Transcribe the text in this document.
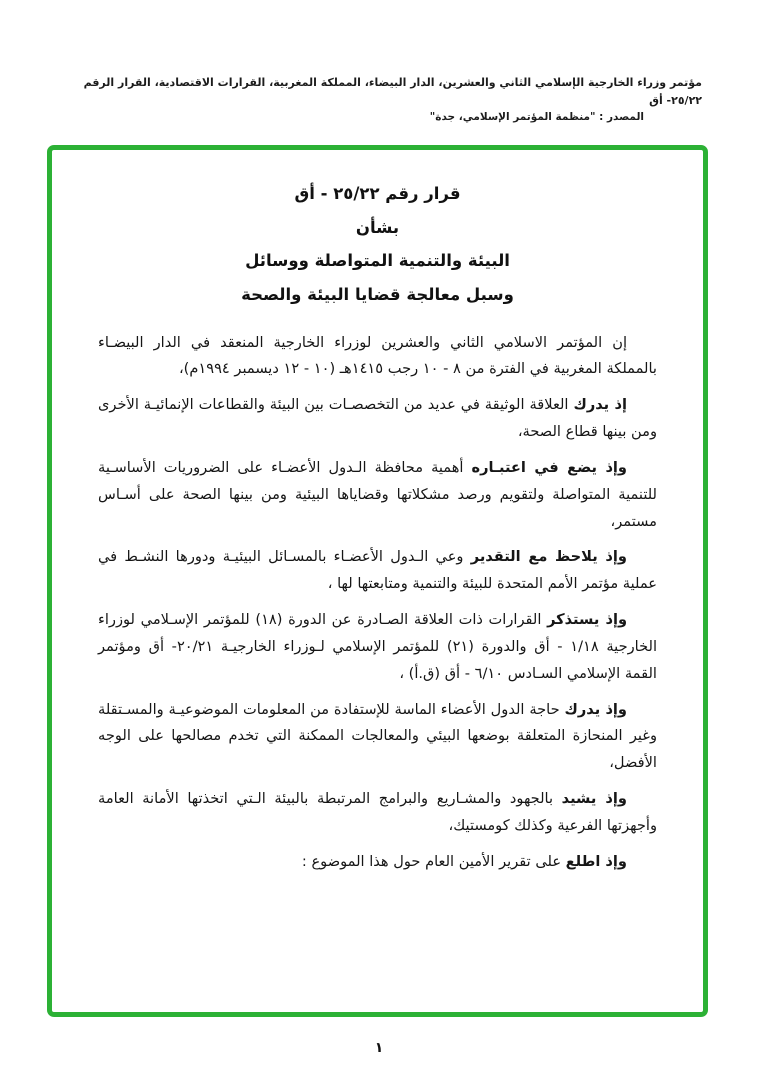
مؤتمر وزراء الخارجية الإسلامي الثاني والعشرين، الدار البيضاء، المملكة المغربية، القرارات الاقتصادية، القرار الرقم ٢٥/٢٢- أق
المصدر : "منظمة المؤتمر الإسلامي، جدة"
قرار رقم ٢٥/٢٢ - أق
بشأن
البيئة والتنمية المتواصلة ووسائل
وسبل معالجة قضايا البيئة والصحة

إن المؤتمر الاسلامي الثاني والعشرين لوزراء الخارجية المنعقد في الدار البيضـاء بالمملكة المغربية في الفترة من ٨ - ١٠ رجب ١٤١٥هـ (١٠ - ١٢ ديسمبر ١٩٩٤م)،

إذ يدرك العلاقة الوثيقة في عديد من التخصصـات بين البيئة والقطاعات الإنمائيـة الأخرى ومن بينها قطاع الصحة،

وإذ يضع في اعتبـاره أهمية محافظة الـدول الأعضـاء على الضروريات الأساسـية للتنمية المتواصلة ولتقويم ورصد مشكلاتها وقضاياها البيئية ومن بينها الصحة على أسـاس مستمر،

وإذ يلاحظ مع التقدير وعي الـدول الأعضـاء بالمسـائل البيئيـة ودورها النشـط في عملية مؤتمر الأمم المتحدة للبيئة والتنمية ومتابعتها لها ،

وإذ يستذكر القرارات ذات العلاقة الصـادرة عن الدورة (١٨) للمؤتمر الإسـلامي لوزراء الخارجية ١/١٨ - أق والدورة (٢١) للمؤتمر الإسلامي لـوزراء الخارجيـة ٢٠/٢١- أق ومؤتمر القمة الإسلامي السـادس ٦/١٠ - أق (ق.أ) ،

وإذ يدرك حاجة الدول الأعضاء الماسة للإستفادة من المعلومات الموضوعيـة والمسـتقلة وغير المنحازة المتعلقة بوضعها البيئي والمعالجات الممكنة التي تخدم مصالحها على الوجه الأفضل،

وإذ يشيد بالجهود والمشـاريع والبرامج المرتبطة بالبيئة الـتي اتخذتها الأمانة العامة وأجهزتها الفرعية وكذلك كومستيك،

وإذ اطلع على تقرير الأمين العام حول هذا الموضوع :

١
